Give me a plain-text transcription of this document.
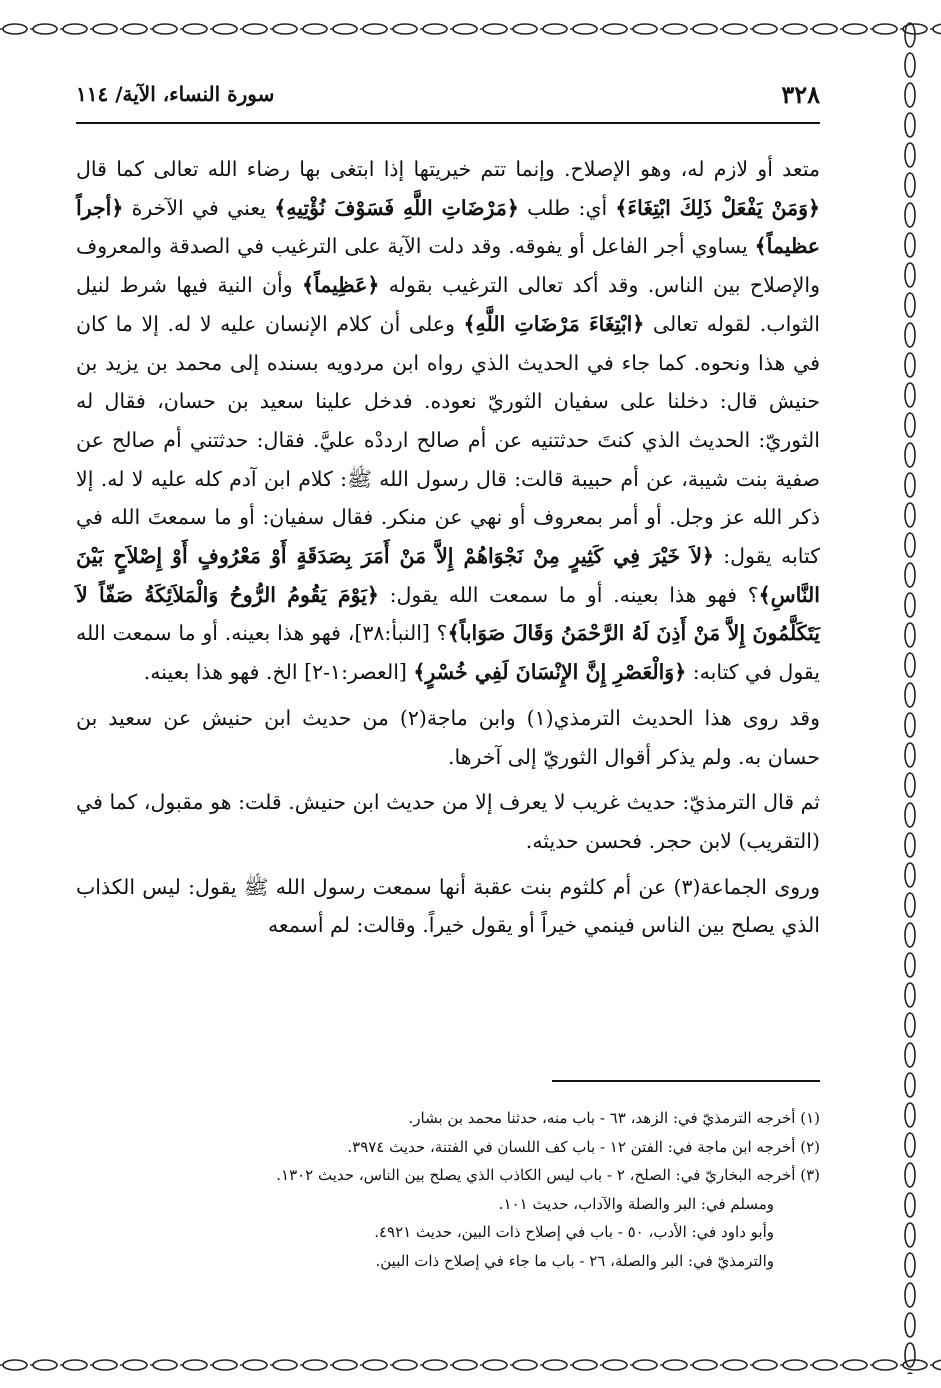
٣٢٨
سورة النساء، الآية/ ١١٤

متعد أو لازم له، وهو الإصلاح. وإنما تتم خيريتها إذا ابتغى بها رضاء الله تعالى كما قال ﴿وَمَنْ يَفْعَلْ ذَلِكَ ابْتِغَاءَ﴾ أي: طلب ﴿مَرْضَاتِ اللَّهِ فَسَوْفَ نُؤْتِيهِ﴾ يعني في الآخرة ﴿أجراً عظيماً﴾ يساوي أجر الفاعل أو يفوقه. وقد دلت الآية على الترغيب في الصدقة والمعروف والإصلاح بين الناس. وقد أكد تعالى الترغيب بقوله ﴿عَظِيماً﴾ وأن النية فيها شرط لنيل الثواب. لقوله تعالى ﴿ابْتِغَاءَ مَرْضَاتِ اللَّهِ﴾ وعلى أن كلام الإنسان عليه لا له. إلا ما كان في هذا ونحوه. كما جاء في الحديث الذي رواه ابن مردويه بسنده إلى محمد بن يزيد بن حنيش قال: دخلنا على سفيان الثوريّ نعوده. فدخل علينا سعيد بن حسان، فقال له الثوريّ: الحديث الذي كنتَ حدثتنيه عن أم صالح ارددْه عليَّ. فقال: حدثتني أم صالح عن صفية بنت شيبة، عن أم حبيبة قالت: قال رسول الله ﷺ: كلام ابن آدم كله عليه لا له. إلا ذكر الله عز وجل. أو أمر بمعروف أو نهي عن منكر. فقال سفيان: أو ما سمعتَ الله في كتابه يقول: ﴿لاَ خَيْرَ فِي كَثِيرٍ مِنْ نَجْوَاهُمْ إِلاَّ مَنْ أَمَرَ بِصَدَقَةٍ أَوْ مَعْرُوفٍ أَوْ إِصْلاَحٍ بَيْنَ النَّاسِ﴾؟ فهو هذا بعينه. أو ما سمعت الله يقول: ﴿يَوْمَ يَقُومُ الرُّوحُ وَالْمَلاَئِكَةُ صَفّاً لاَ يَتَكَلَّمُونَ إِلاَّ مَنْ أَذِنَ لَهُ الرَّحْمَنُ وَقَالَ صَوَاباً﴾؟ [النبأ:٣٨]، فهو هذا بعينه. أو ما سمعت الله يقول في كتابه: ﴿وَالْعَصْرِ إِنَّ الإِنْسَانَ لَفِي خُسْرٍ﴾ [العصر:١-٢] الخ. فهو هذا بعينه.

وقد روى هذا الحديث الترمذي(١) وابن ماجة(٢) من حديث ابن حنيش عن سعيد بن حسان به. ولم يذكر أقوال الثوريّ إلى آخرها.

ثم قال الترمذيّ: حديث غريب لا يعرف إلا من حديث ابن حنيش. قلت: هو مقبول، كما في (التقريب) لابن حجر. فحسن حديثه.

وروى الجماعة(٣) عن أم كلثوم بنت عقبة أنها سمعت رسول الله ﷺ يقول: ليس الكذاب الذي يصلح بين الناس فينمي خيراً أو يقول خيراً. وقالت: لم أسمعه

(١) أخرجه الترمذيّ في: الزهد، ٦٣ - باب منه، حدثنا محمد بن بشار.
(٢) أخرجه ابن ماجة في: الفتن ١٢ - باب كف اللسان في الفتنة، حديث ٣٩٧٤.
(٣) أخرجه البخاريّ في: الصلح، ٢ - باب ليس الكاذب الذي يصلح بين الناس، حديث ١٣٠٢.
ومسلم في: البر والصلة والآداب، حديث ١٠١.
وأبو داود في: الأدب، ٥٠ - باب في إصلاح ذات البين، حديث ٤٩٢١.
والترمذيّ في: البر والصلة، ٢٦ - باب ما جاء في إصلاح ذات البين.
